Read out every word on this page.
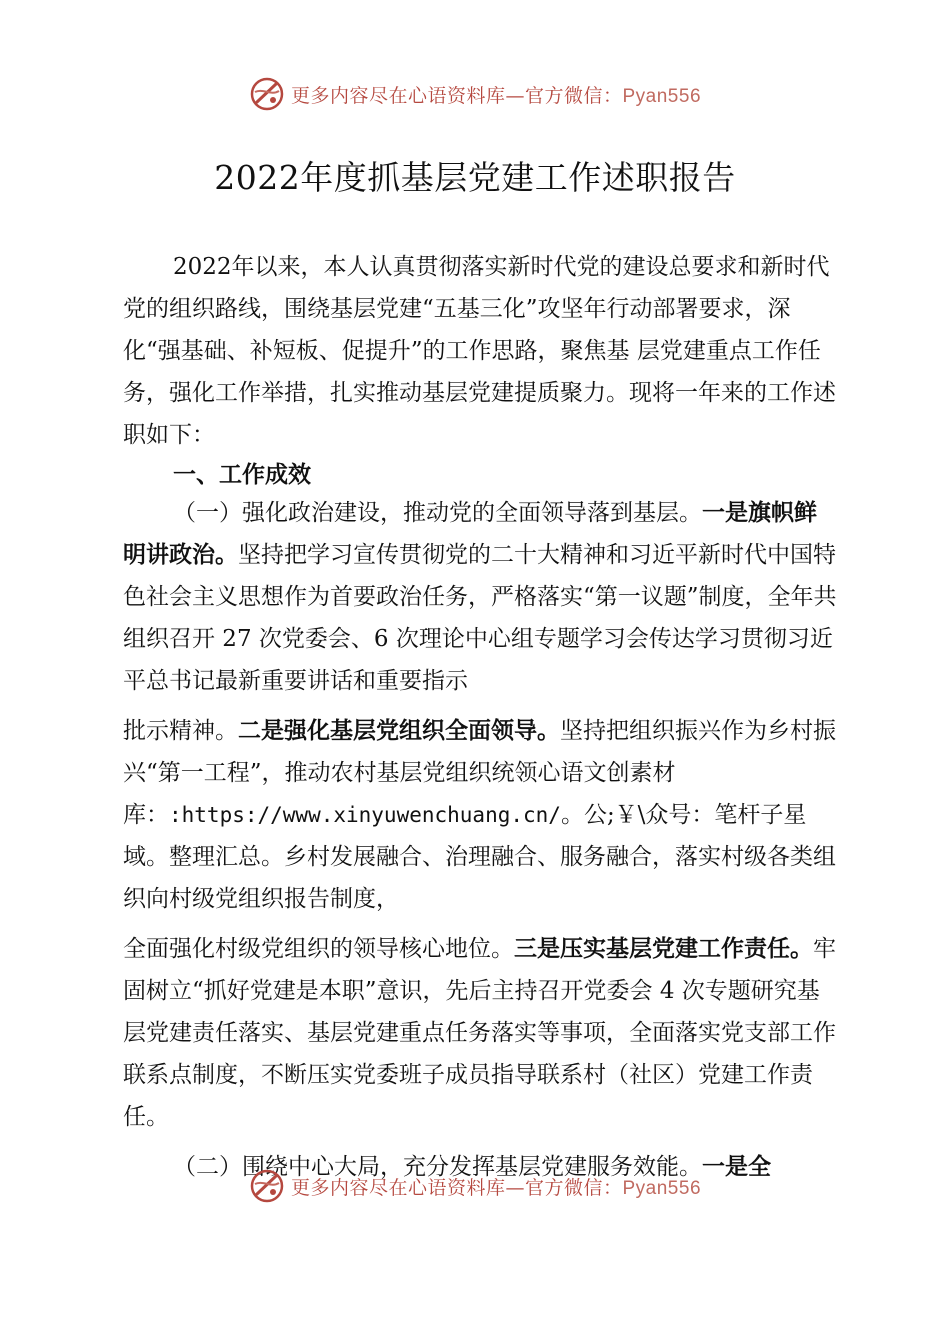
更多内容尽在心语资料库—官方微信：Pyan556
2022年度抓基层党建工作述职报告

2022年以来，本人认真贯彻落实新时代党的建设总要求和新时代党的组织路线，围绕基层党建“五基三化”攻坚年行动部署要求，深化“强基础、补短板、促提升”的工作思路，聚焦基 层党建重点工作任务，强化工作举措，扎实推动基层党建提质聚力。现将一年来的工作述职如下：

一、工作成效

（一）强化政治建设，推动党的全面领导落到基层。一是旗帜鲜明讲政治。坚持把学习宣传贯彻党的二十大精神和习近平新时代中国特色社会主义思想作为首要政治任务，严格落实“第一议题”制度，全年共组织召开 27 次党委会、6 次理论中心组专题学习会传达学习贯彻习近平总书记最新重要讲话和重要指示

批示精神。二是强化基层党组织全面领导。坚持把组织振兴作为乡村振兴“第一工程”，推动农村基层党组织统领心语文创素材库：:https://www.xinyuwenchuang.cn/。公;￥\众号：笔杆子星域。整理汇总。乡村发展融合、治理融合、服务融合，落实村级各类组织向村级党组织报告制度，

全面强化村级党组织的领导核心地位。三是压实基层党建工作责任。牢固树立“抓好党建是本职”意识，先后主持召开党委会 4 次专题研究基层党建责任落实、基层党建重点任务落实等事项，全面落实党支部工作联系点制度，不断压实党委班子成员指导联系村（社区）党建工作责任。

（二）围绕中心大局，充分发挥基层党建服务效能。一是全

更多内容尽在心语资料库—官方微信：Pyan556
